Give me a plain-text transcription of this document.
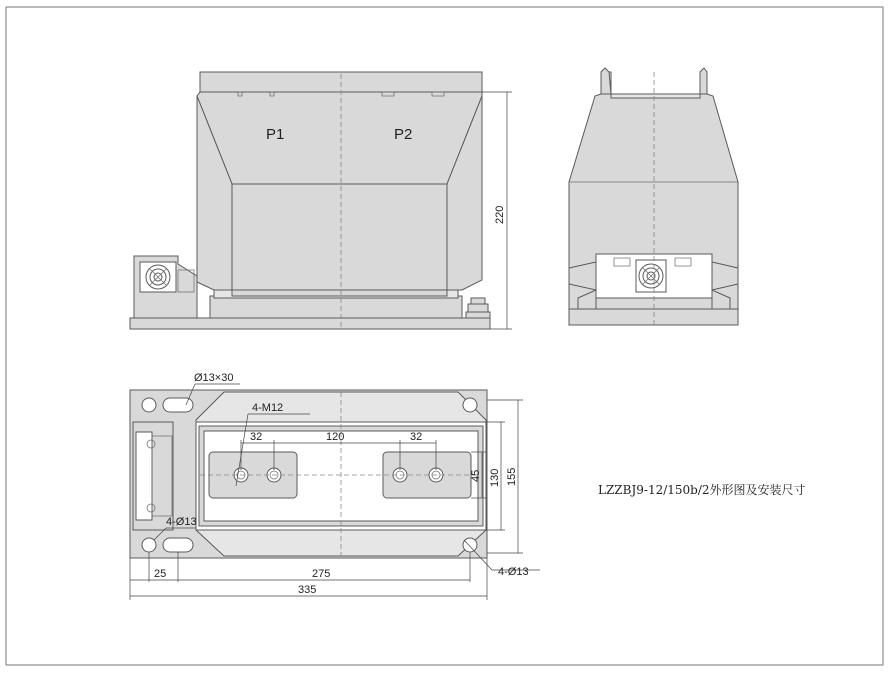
P1	P2
220
Ø13×30
4-M12
32	120	32
45 130 155
4-Ø13
4-Ø13
25	275
335
LZZBJ9-12/150b/2外形图及安装尺寸
